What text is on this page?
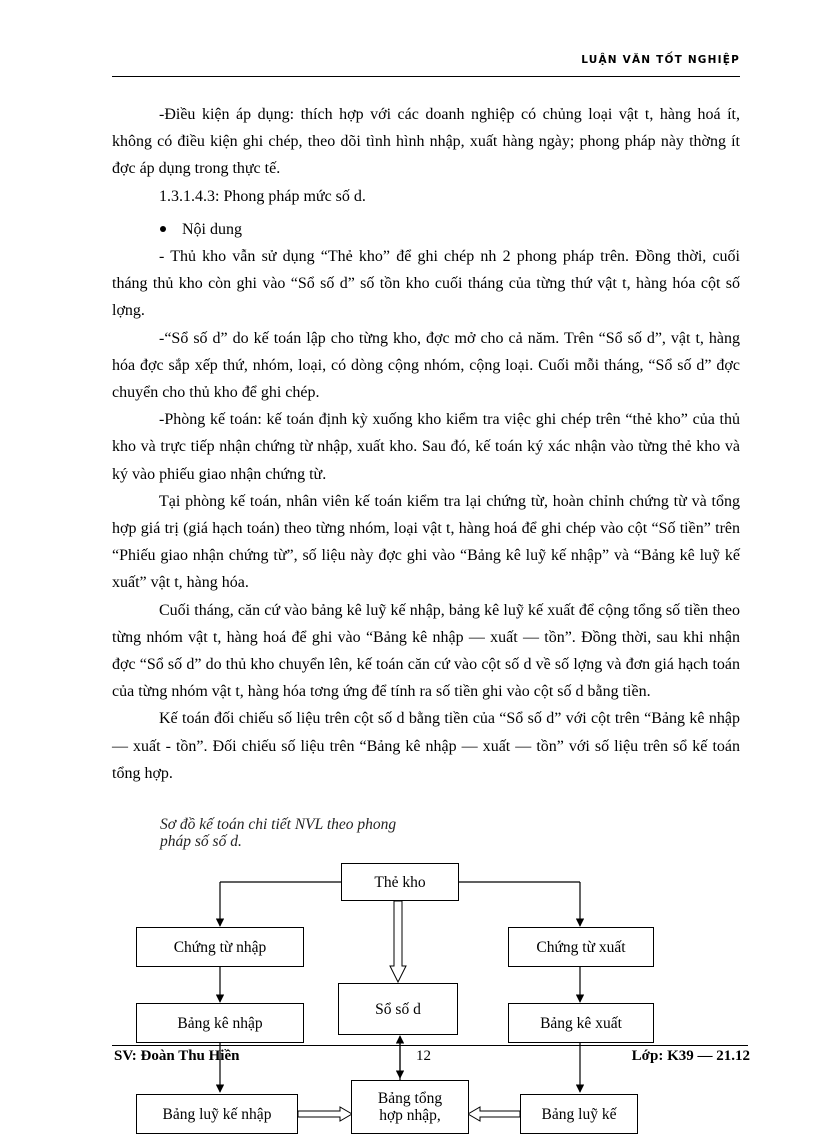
LUẬN VĂN TỐT NGHIỆP

-Điều kiện áp dụng: thích hợp với các doanh nghiệp có chủng loại vật t, hàng hoá ít, không có điều kiện ghi chép, theo dõi tình hình nhập, xuất hàng ngày; phong pháp này thờng ít đợc áp dụng trong thực tế.

1.3.1.4.3: Phong pháp mức số d.

Nội dung

- Thủ kho vẫn sử dụng “Thẻ kho” để ghi chép nh 2 phong pháp trên. Đồng thời, cuối tháng thủ kho còn ghi vào “Sổ số d” số tồn kho cuối tháng của từng thứ vật t, hàng hóa cột số lợng.

-“Sổ số d” do kế toán lập cho từng kho, đợc mở cho cả năm. Trên “Sổ số d”, vật t, hàng hóa đợc sắp xếp thứ, nhóm, loại, có dòng cộng nhóm, cộng loại. Cuối mỗi tháng, “Sổ số d” đợc chuyển cho thủ kho để ghi chép.

-Phòng kế toán: kế toán định kỳ xuống kho kiểm tra việc ghi chép trên “thẻ kho” của thủ kho và trực tiếp nhận chứng từ nhập, xuất kho. Sau đó, kế toán ký xác nhận vào từng thẻ kho và ký vào phiếu giao nhận chứng từ.

Tại phòng kế toán, nhân viên kế toán kiểm tra lại chứng từ, hoàn chỉnh chứng từ và tổng hợp giá trị (giá hạch toán) theo từng nhóm, loại vật t, hàng hoá để ghi chép vào cột “Số tiền” trên “Phiếu giao nhận chứng từ”, số liệu này đợc ghi vào “Bảng kê luỹ kế nhập” và “Bảng kê luỹ kế xuất” vật t, hàng hóa.

Cuối tháng, căn cứ vào bảng kê luỹ kế nhập, bảng kê luỹ kế xuất để cộng tổng số tiền theo từng nhóm vật t, hàng hoá để ghi vào “Bảng kê nhập — xuất — tồn”. Đồng thời, sau khi nhận đợc “Sổ số d” do thủ kho chuyển lên, kế toán căn cứ vào cột số d về số lợng và đơn giá hạch toán của từng nhóm vật t, hàng hóa tơng ứng để tính ra số tiền ghi vào cột số d bằng tiền.

Kế toán đối chiếu số liệu trên cột số d bằng tiền của “Sổ số d” với cột trên “Bảng kê nhập — xuất - tồn”. Đối chiếu số liệu trên “Bảng kê nhập — xuất — tồn” với số liệu trên sổ kế toán tổng hợp.

Sơ đồ kế toán chi tiết NVL theo phong
pháp số số d.
Thẻ kho
Chứng từ nhập	Chứng từ xuất
Sổ số d
Bảng kê nhập	Bảng kê xuất
Bảng luỹ kế nhập
Bảng tổng
hợp nhập,	Bảng luỹ kế
SV: Đoàn Thu Hiền	12	Lớp: K39 — 21.12
